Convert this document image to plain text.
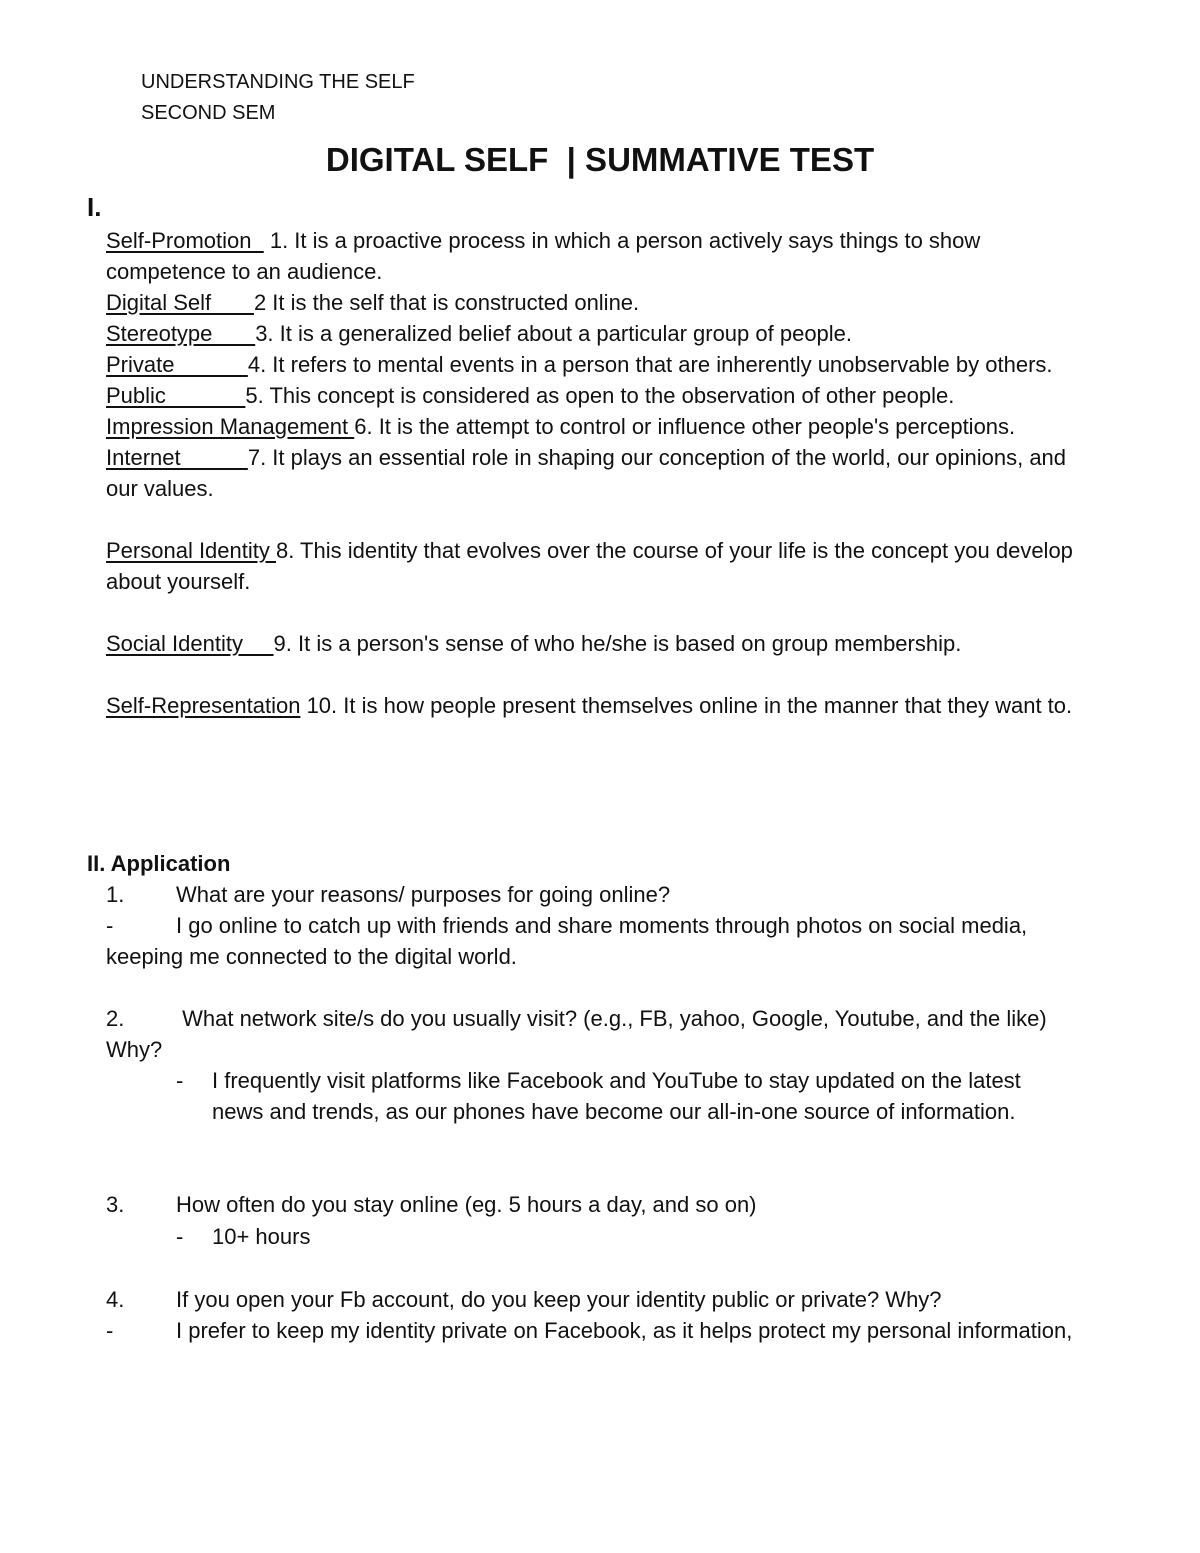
UNDERSTANDING THE SELF
SECOND SEM
DIGITAL SELF  | SUMMATIVE TEST
I.

Self-Promotion   1. It is a proactive process in which a person actively says things to show competence to an audience.

Digital Self       2 It is the self that is constructed online.

Stereotype       3. It is a generalized belief about a particular group of people.

Private            4. It refers to mental events in a person that are inherently unobservable by others.

Public             5. This concept is considered as open to the observation of other people.

Impression Management 6. It is the attempt to control or influence other people's perceptions.

Internet           7. It plays an essential role in shaping our conception of the world, our opinions, and our values.

Personal Identity 8. This identity that evolves over the course of your life is the concept you develop about yourself.

Social Identity     9. It is a person's sense of who he/she is based on group membership.

Self-Representation 10. It is how people present themselves online in the manner that they want to.

II. Application
1. What are your reasons/ purposes for going online?
-	I go online to catch up with friends and share moments through photos on social media, keeping me connected to the digital world.
2. What network site/s do you usually visit? (e.g., FB, yahoo, Google, Youtube, and the like) Why?
- I frequently visit platforms like Facebook and YouTube to stay updated on the latest news and trends, as our phones have become our all-in-one source of information.
3. How often do you stay online (eg. 5 hours a day, and so on)
- 10+ hours
4. If you open your Fb account, do you keep your identity public or private? Why?
-	I prefer to keep my identity private on Facebook, as it helps protect my personal information,
